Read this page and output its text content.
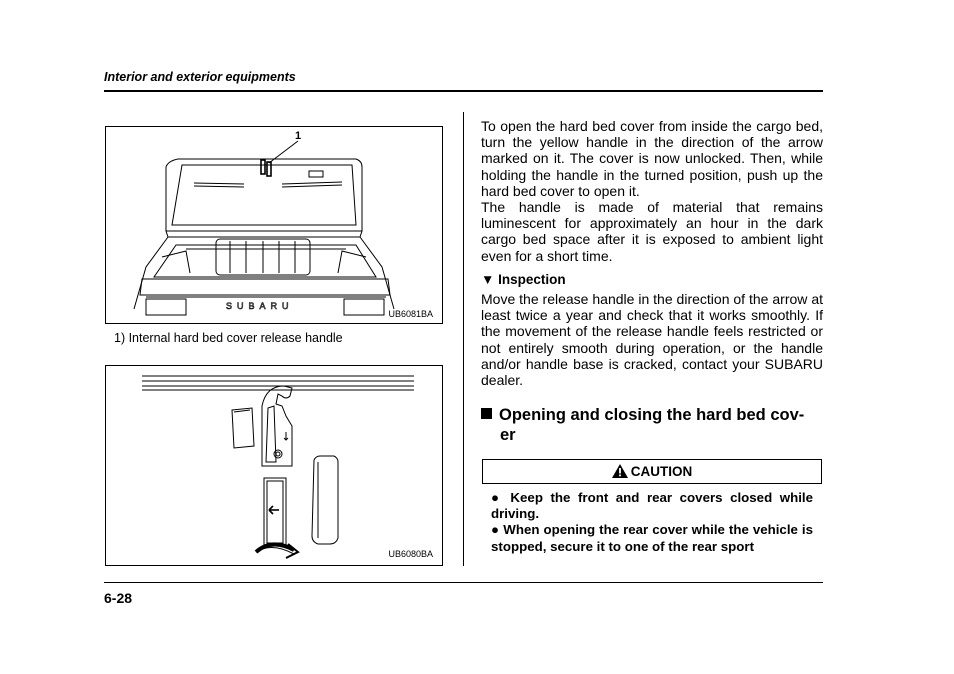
Interior and exterior equipments
SUBARU
1
UB6081BA
1) Internal hard bed cover release handle
UB6080BA

To open the hard bed cover from inside the cargo bed, turn the yellow handle in the direction of the arrow marked on it. The cover is now unlocked. Then, while holding the handle in the turned position, push up the hard bed cover to open it.

The handle is made of material that remains luminescent for approximately an hour in the dark cargo bed space after it is exposed to ambient light even for a short time.

▼ Inspection

Move the release handle in the direction of the arrow at least twice a year and check that it works smoothly. If the movement of the release handle feels restricted or not entirely smooth during operation, or the handle and/or handle base is cracked, contact your SUBARU dealer.

Opening and closing the hard bed cov-
er
CAUTION

● Keep the front and rear covers closed while driving.

● When opening the rear cover while the vehicle is stopped, secure it to one of the rear sport

6-28
